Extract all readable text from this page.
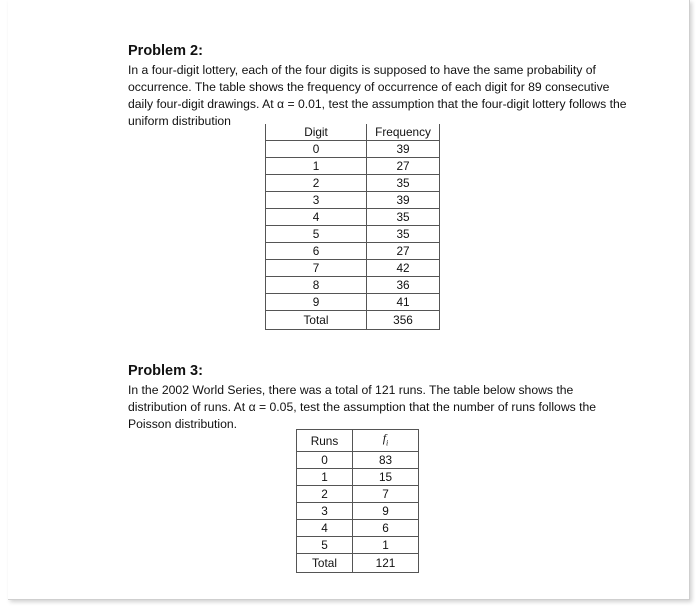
Problem 2:

In a four-digit lottery, each of the four digits is supposed to have the same probability of occurrence. The table shows the frequency of occurrence of each digit for 89 consecutive daily four-digit drawings. At α = 0.01, test the assumption that the four-digit lottery follows the uniform distribution

Digit	Frequency
0	39
1	27
2	35
3	39
4	35
5	35
6	27
7	42
8	36
9	41
Total	356
Problem 3:

In the 2002 World Series, there was a total of 121 runs. The table below shows the distribution of runs. At α = 0.05, test the assumption that the number of runs follows the Poisson distribution.

Runs	$f_i$
0	83
1	15
2	7
3	9
4	6
5	1
Total	121
